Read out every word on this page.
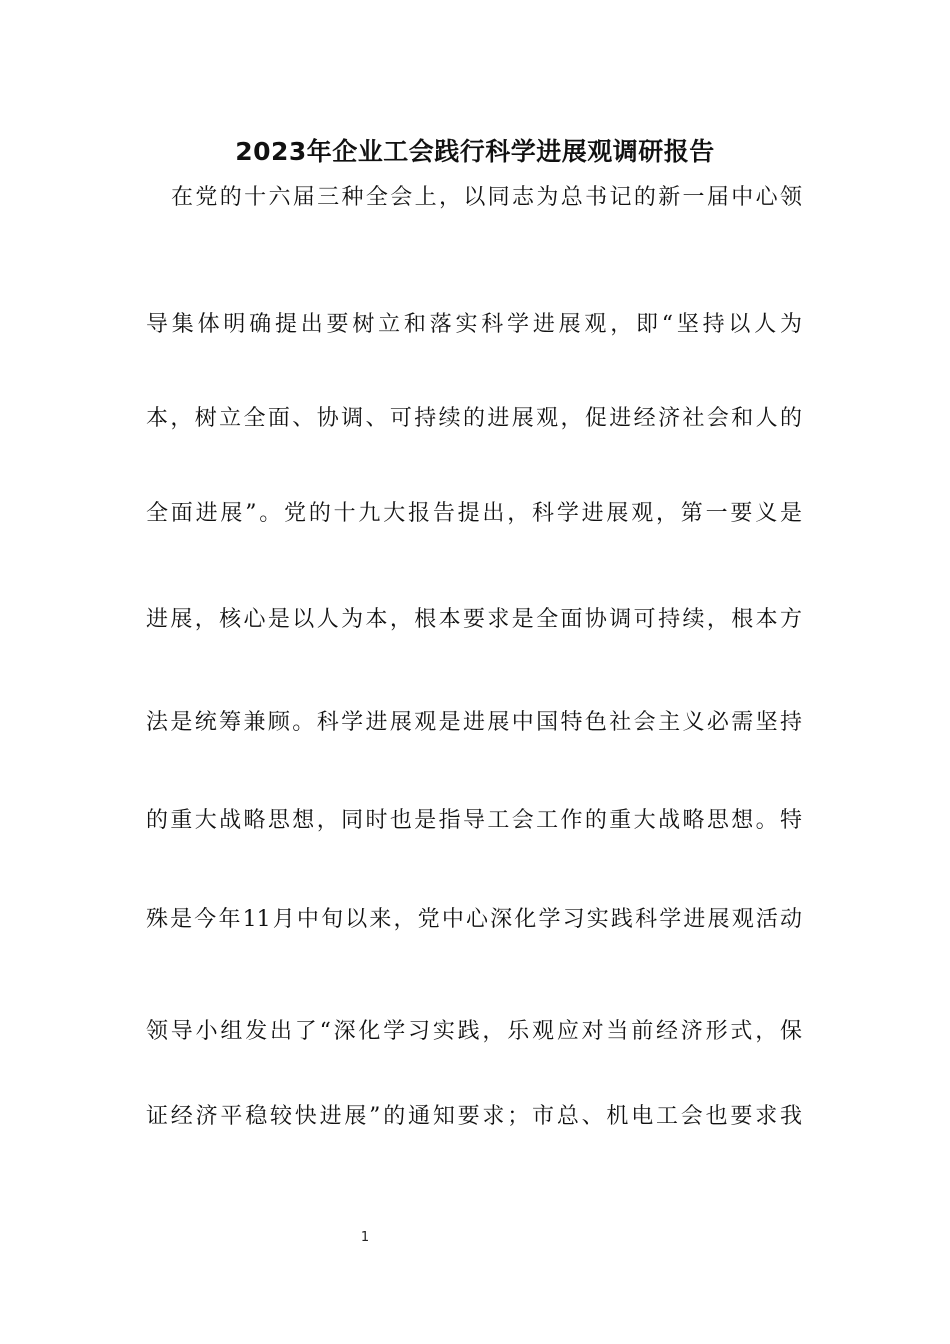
2023年企业工会践行科学进展观调研报告
在党的十六届三种全会上，以同志为总书记的新一届中心领
导集体明确提出要树立和落实科学进展观，即“坚持以人为
本，树立全面、协调、可持续的进展观，促进经济社会和人的
全面进展”。党的十九大报告提出，科学进展观，第一要义是
进展，核心是以人为本，根本要求是全面协调可持续，根本方
法是统筹兼顾。科学进展观是进展中国特色社会主义必需坚持
的重大战略思想，同时也是指导工会工作的重大战略思想。特
殊是今年11月中旬以来，党中心深化学习实践科学进展观活动
领导小组发出了“深化学习实践，乐观应对当前经济形式，保
证经济平稳较快进展”的通知要求；市总、机电工会也要求我
1
